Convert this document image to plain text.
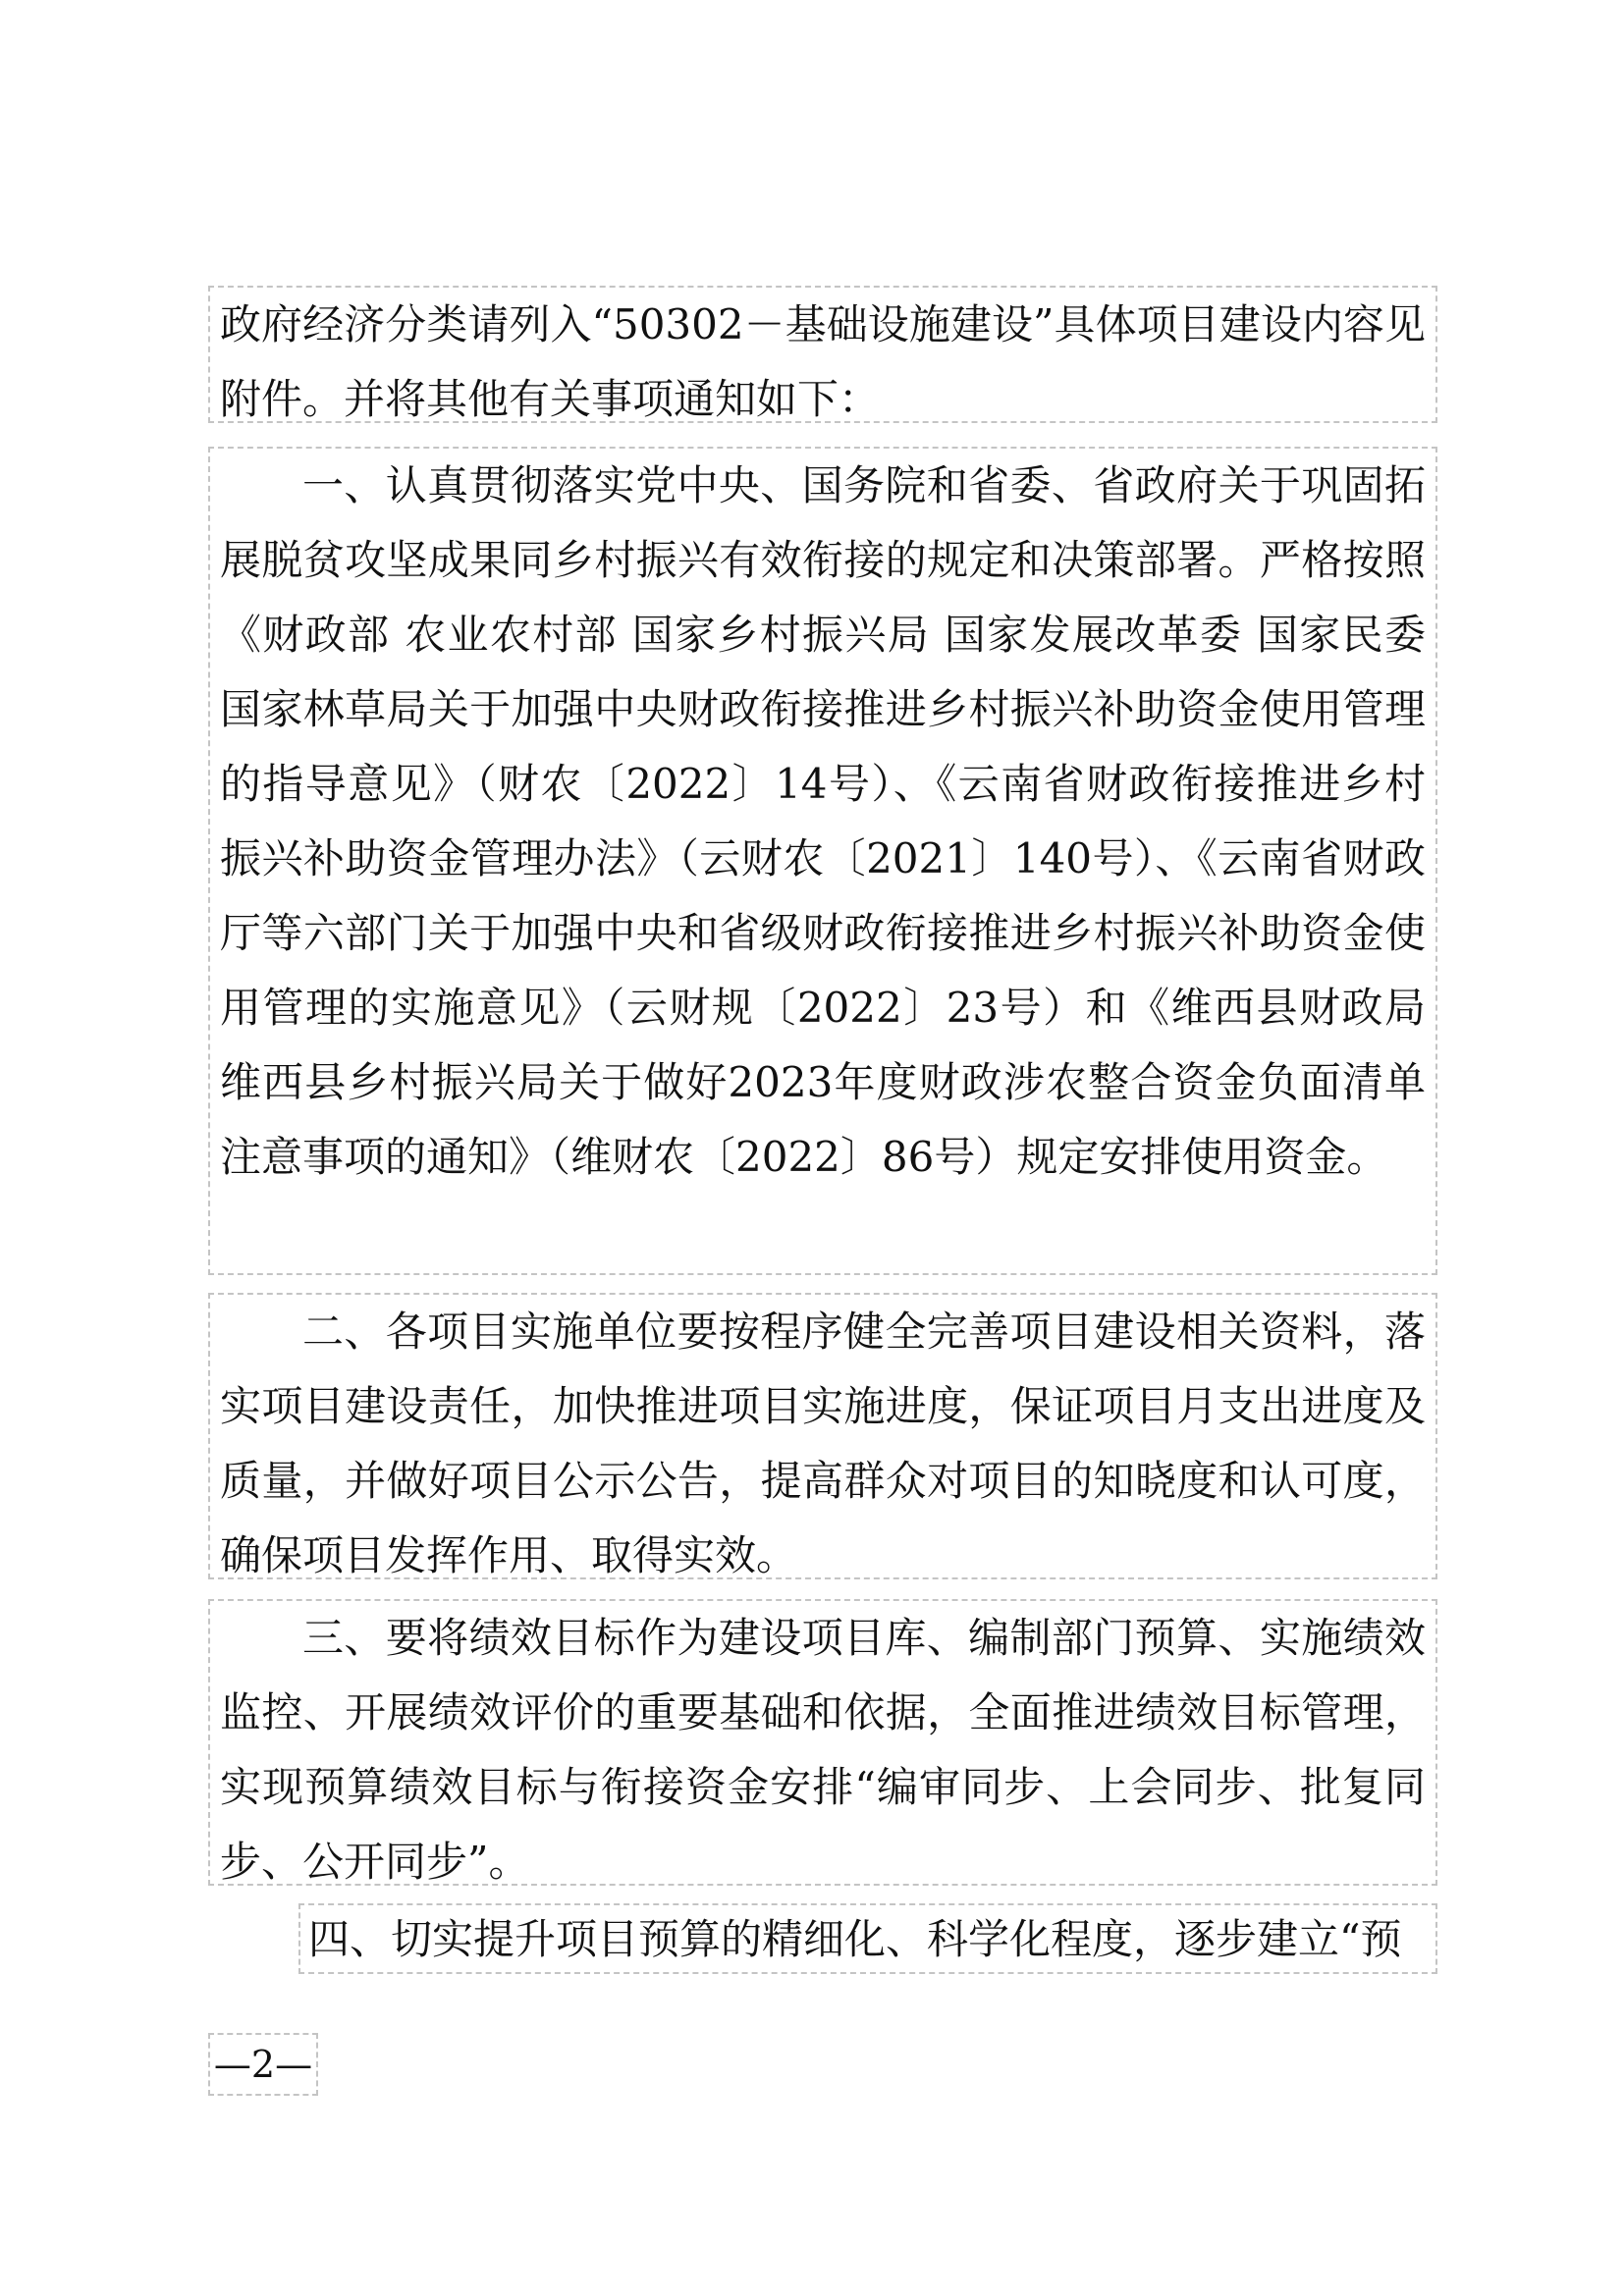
政府经济分类请列入“50302－基础设施建设”具体项目建设内容见附件。并将其他有关事项通知如下：

一、认真贯彻落实党中央、国务院和省委、省政府关于巩固拓展脱贫攻坚成果同乡村振兴有效衔接的规定和决策部署。严格按照《财政部 农业农村部 国家乡村振兴局 国家发展改革委 国家民委 国家林草局关于加强中央财政衔接推进乡村振兴补助资金使用管理的指导意见》（财农〔2022〕14号）、《云南省财政衔接推进乡村振兴补助资金管理办法》（云财农〔2021〕140号）、《云南省财政厅等六部门关于加强中央和省级财政衔接推进乡村振兴补助资金使用管理的实施意见》（云财规〔2022〕23号）和《维西县财政局 维西县乡村振兴局关于做好2023年度财政涉农整合资金负面清单注意事项的通知》（维财农〔2022〕86号）规定安排使用资金。

二、各项目实施单位要按程序健全完善项目建设相关资料，落实项目建设责任，加快推进项目实施进度，保证项目月支出进度及质量，并做好项目公示公告，提高群众对项目的知晓度和认可度，确保项目发挥作用、取得实效。

三、要将绩效目标作为建设项目库、编制部门预算、实施绩效监控、开展绩效评价的重要基础和依据，全面推进绩效目标管理，实现预算绩效目标与衔接资金安排“编审同步、上会同步、批复同步、公开同步”。

四、切实提升项目预算的精细化、科学化程度，逐步建立“预

—2—
